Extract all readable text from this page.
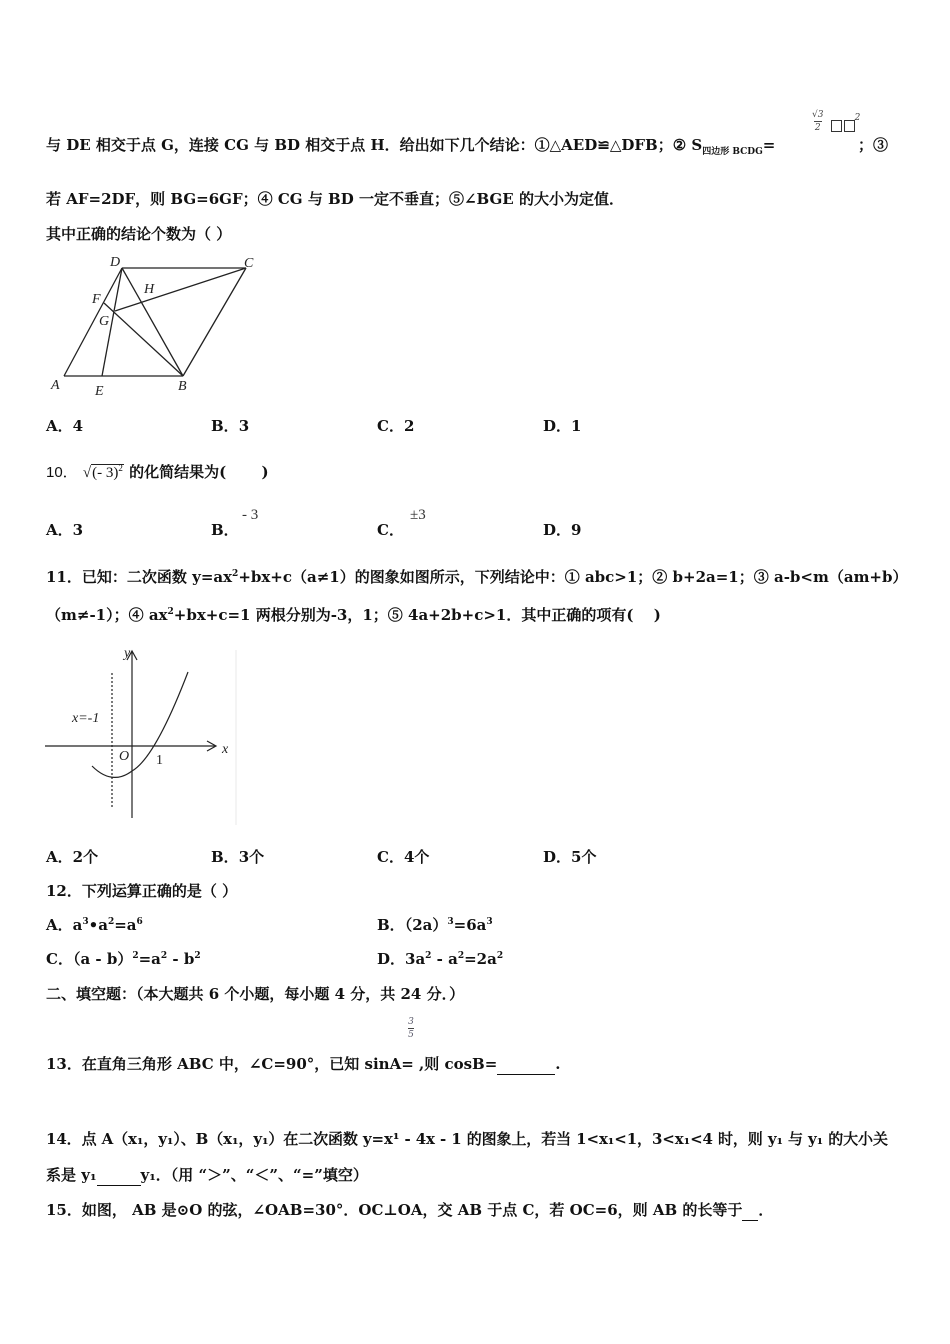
与 DE 相交于点 G，连接 CG 与 BD 相交于点 H．给出如下几个结论：①△AED≌△DFB；② $S_{四边形 BCDG}=$
$\frac{√3}{2}$	$^2$
；③
若 AF=2DF，则 BG=6GF；④ CG 与 BD 一定不垂直；⑤∠BGE 的大小为定值．
其中正确的结论个数为（ ）
D	C
H
F
G
A	E	B
A．4	B．3	C．2	D．1
10． √(- 3)$^2$ 的化简结果为(　　 )
A．3	B．
- 3
C．
±3
D．9
11．已知：二次函数 $y=ax^2+bx+c(a\ne 1)$的图象如图所示，下列结论中：① abc>1；② b+2a=1；③ a-b<m（am+b）
（m≠-1）；④ $ax^2+bx+c=1$ 两根分别为-3，1；⑤ 4a+2b+c>1．其中正确的项有(　 )
y
x
O 1
x=-1
A．2个	B．3个	C．4个	D．5个
12．下列运算正确的是（ ）
A．$a^3•a^2=a^6$	B．$(2a)^3=6a^3$
C．$(a - b)^2=a^2 - b^2$	D．$3a^2 - a^2=2a^2$
二、填空题：（本大题共 6 个小题，每小题 4 分，共 24 分．）
$\frac{3}{5}$
13．在直角三角形 ABC 中，∠C=90°，已知 sinA= ,则 cosB=	.
14．点 A（x₁，y₁）、B（x₁，y₁）在二次函数 y=x¹ - 4x - 1 的图象上，若当 1<x₁<1，3<x₁<4 时，则 y₁ 与 y₁ 的大小关
系是 y₁	y₁．（用 “＞”、“＜”、“=”填空）
15．如图， AB 是⊙O 的弦，∠OAB=30°．OC⊥OA，交 AB 于点 C，若 OC=6，则 AB 的长等于 ．
